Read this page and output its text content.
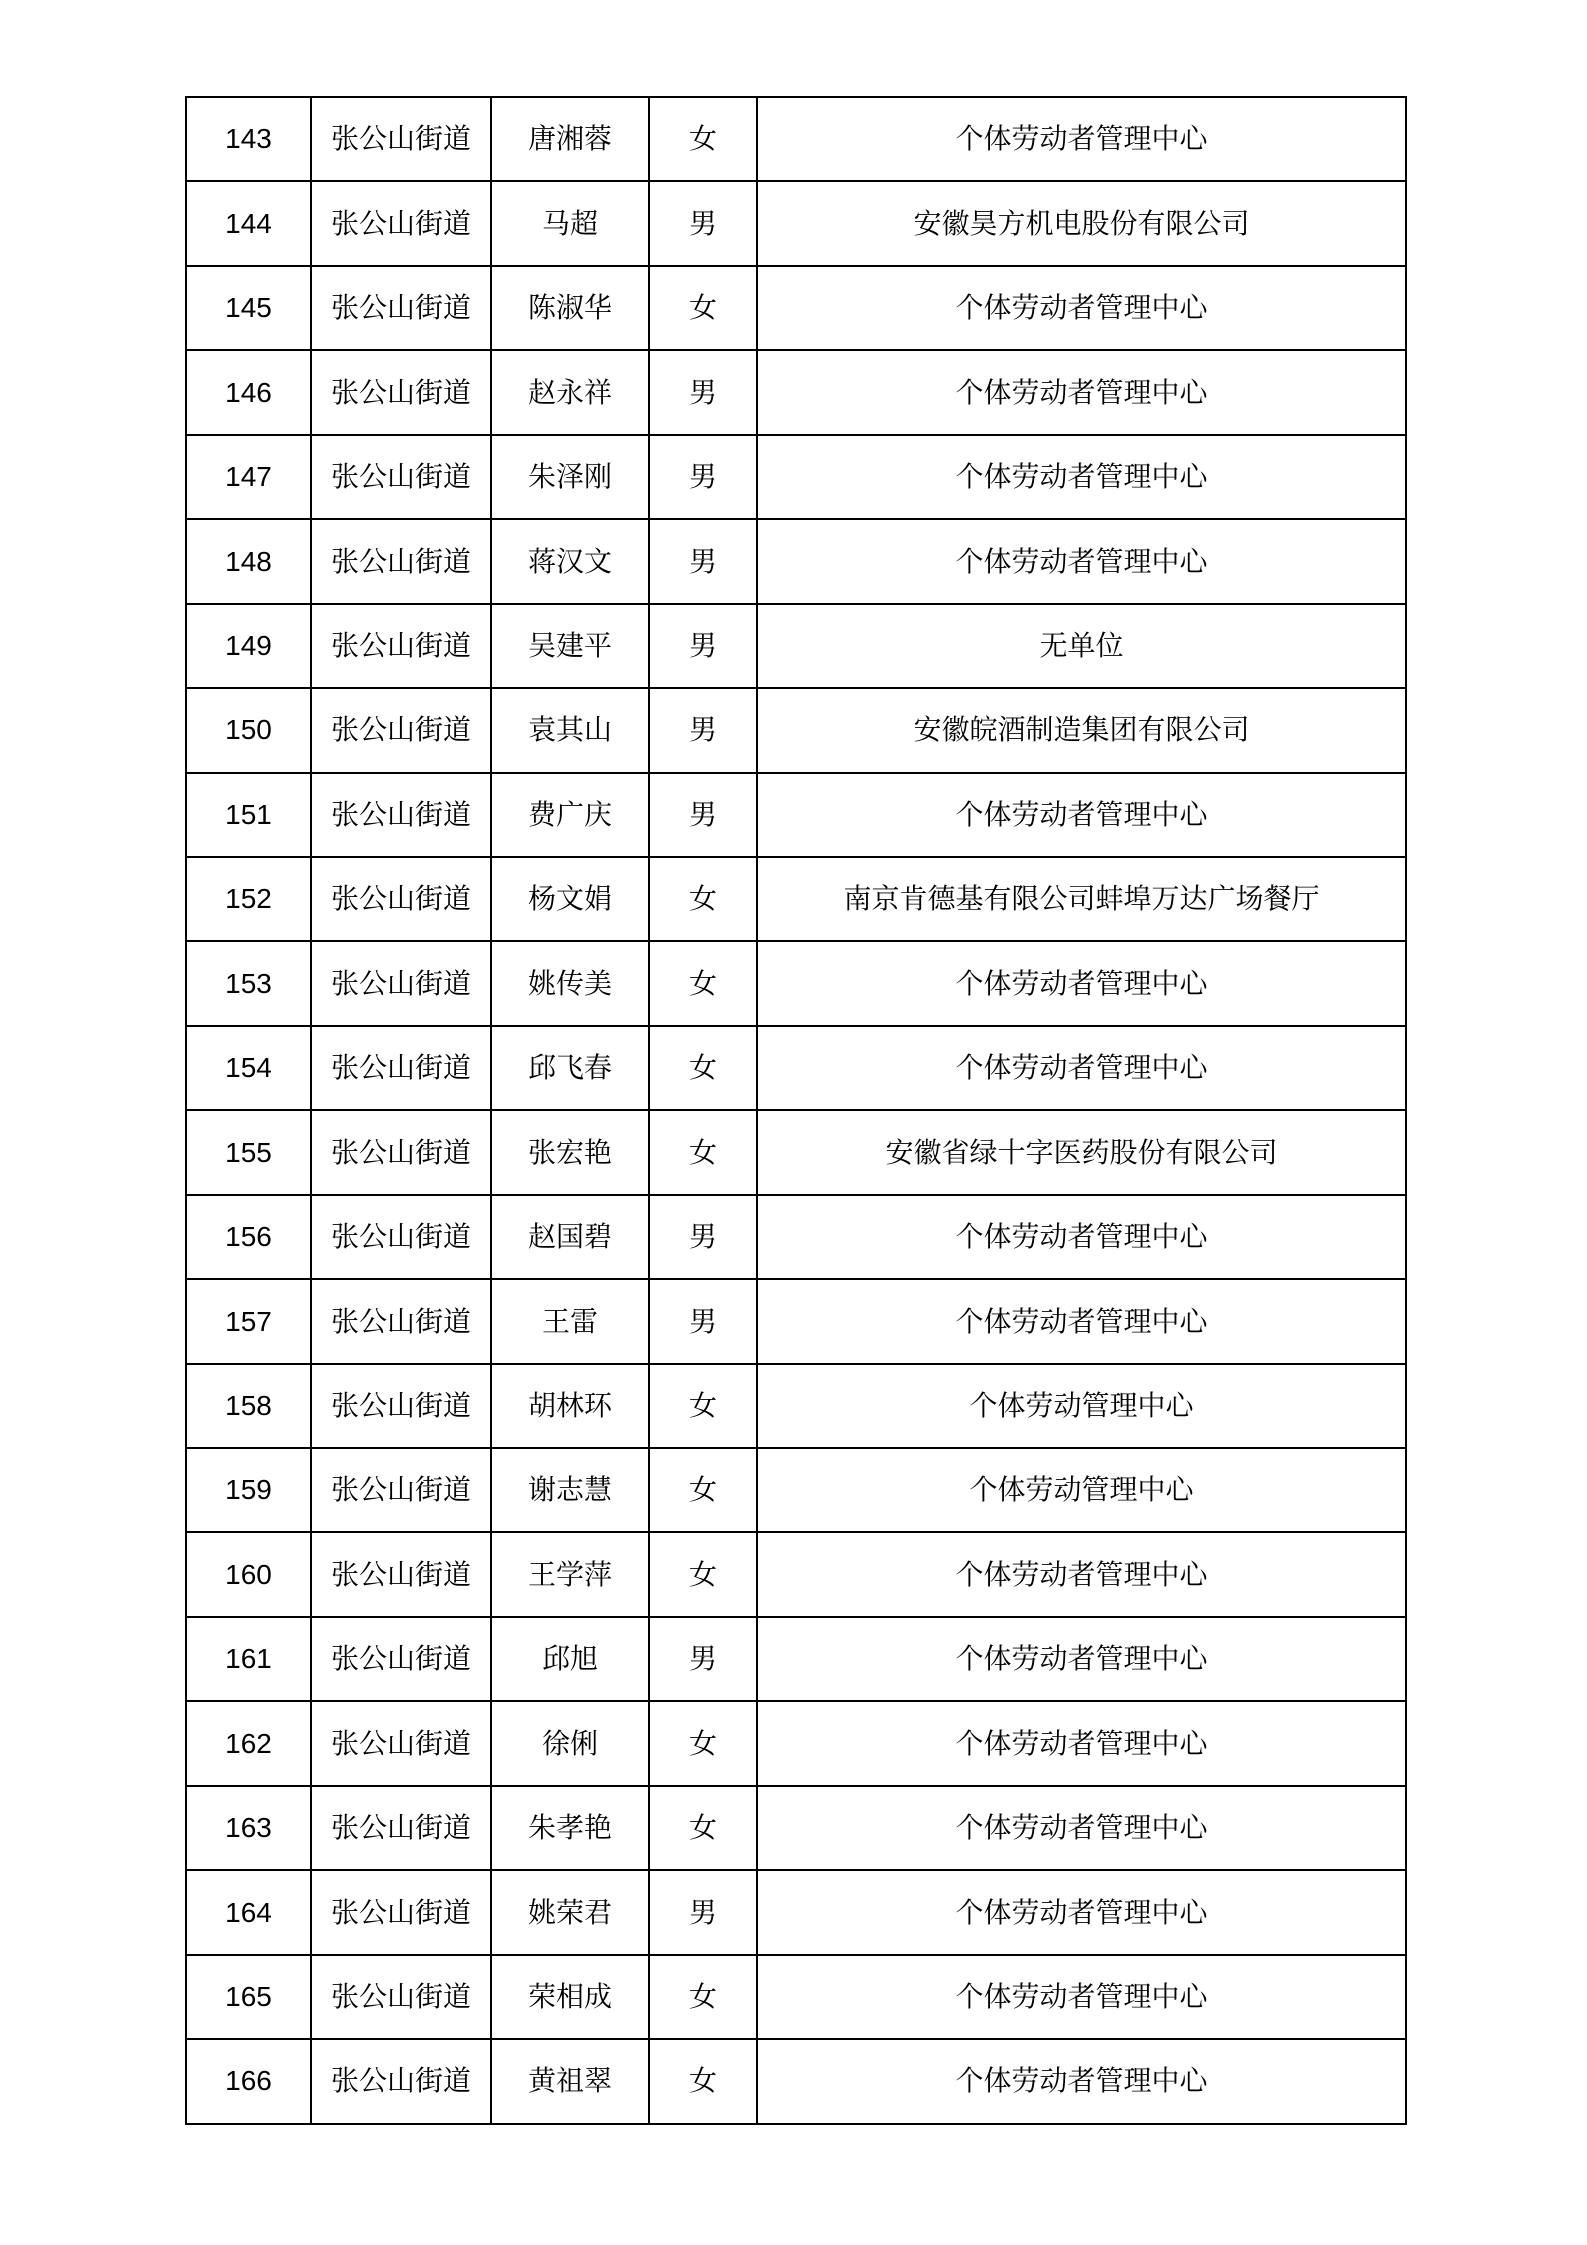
143	张公山街道	唐湘蓉	女	个体劳动者管理中心
144	张公山街道	马超	男	安徽昊方机电股份有限公司
145	张公山街道	陈淑华	女	个体劳动者管理中心
146	张公山街道	赵永祥	男	个体劳动者管理中心
147	张公山街道	朱泽刚	男	个体劳动者管理中心
148	张公山街道	蒋汉文	男	个体劳动者管理中心
149	张公山街道	吴建平	男	无单位
150	张公山街道	袁其山	男	安徽皖酒制造集团有限公司
151	张公山街道	费广庆	男	个体劳动者管理中心
152	张公山街道	杨文娟	女	南京肯德基有限公司蚌埠万达广场餐厅
153	张公山街道	姚传美	女	个体劳动者管理中心
154	张公山街道	邱飞春	女	个体劳动者管理中心
155	张公山街道	张宏艳	女	安徽省绿十字医药股份有限公司
156	张公山街道	赵国碧	男	个体劳动者管理中心
157	张公山街道	王雷	男	个体劳动者管理中心
158	张公山街道	胡林环	女	个体劳动管理中心
159	张公山街道	谢志慧	女	个体劳动管理中心
160	张公山街道	王学萍	女	个体劳动者管理中心
161	张公山街道	邱旭	男	个体劳动者管理中心
162	张公山街道	徐俐	女	个体劳动者管理中心
163	张公山街道	朱孝艳	女	个体劳动者管理中心
164	张公山街道	姚荣君	男	个体劳动者管理中心
165	张公山街道	荣相成	女	个体劳动者管理中心
166	张公山街道	黄祖翠	女	个体劳动者管理中心
